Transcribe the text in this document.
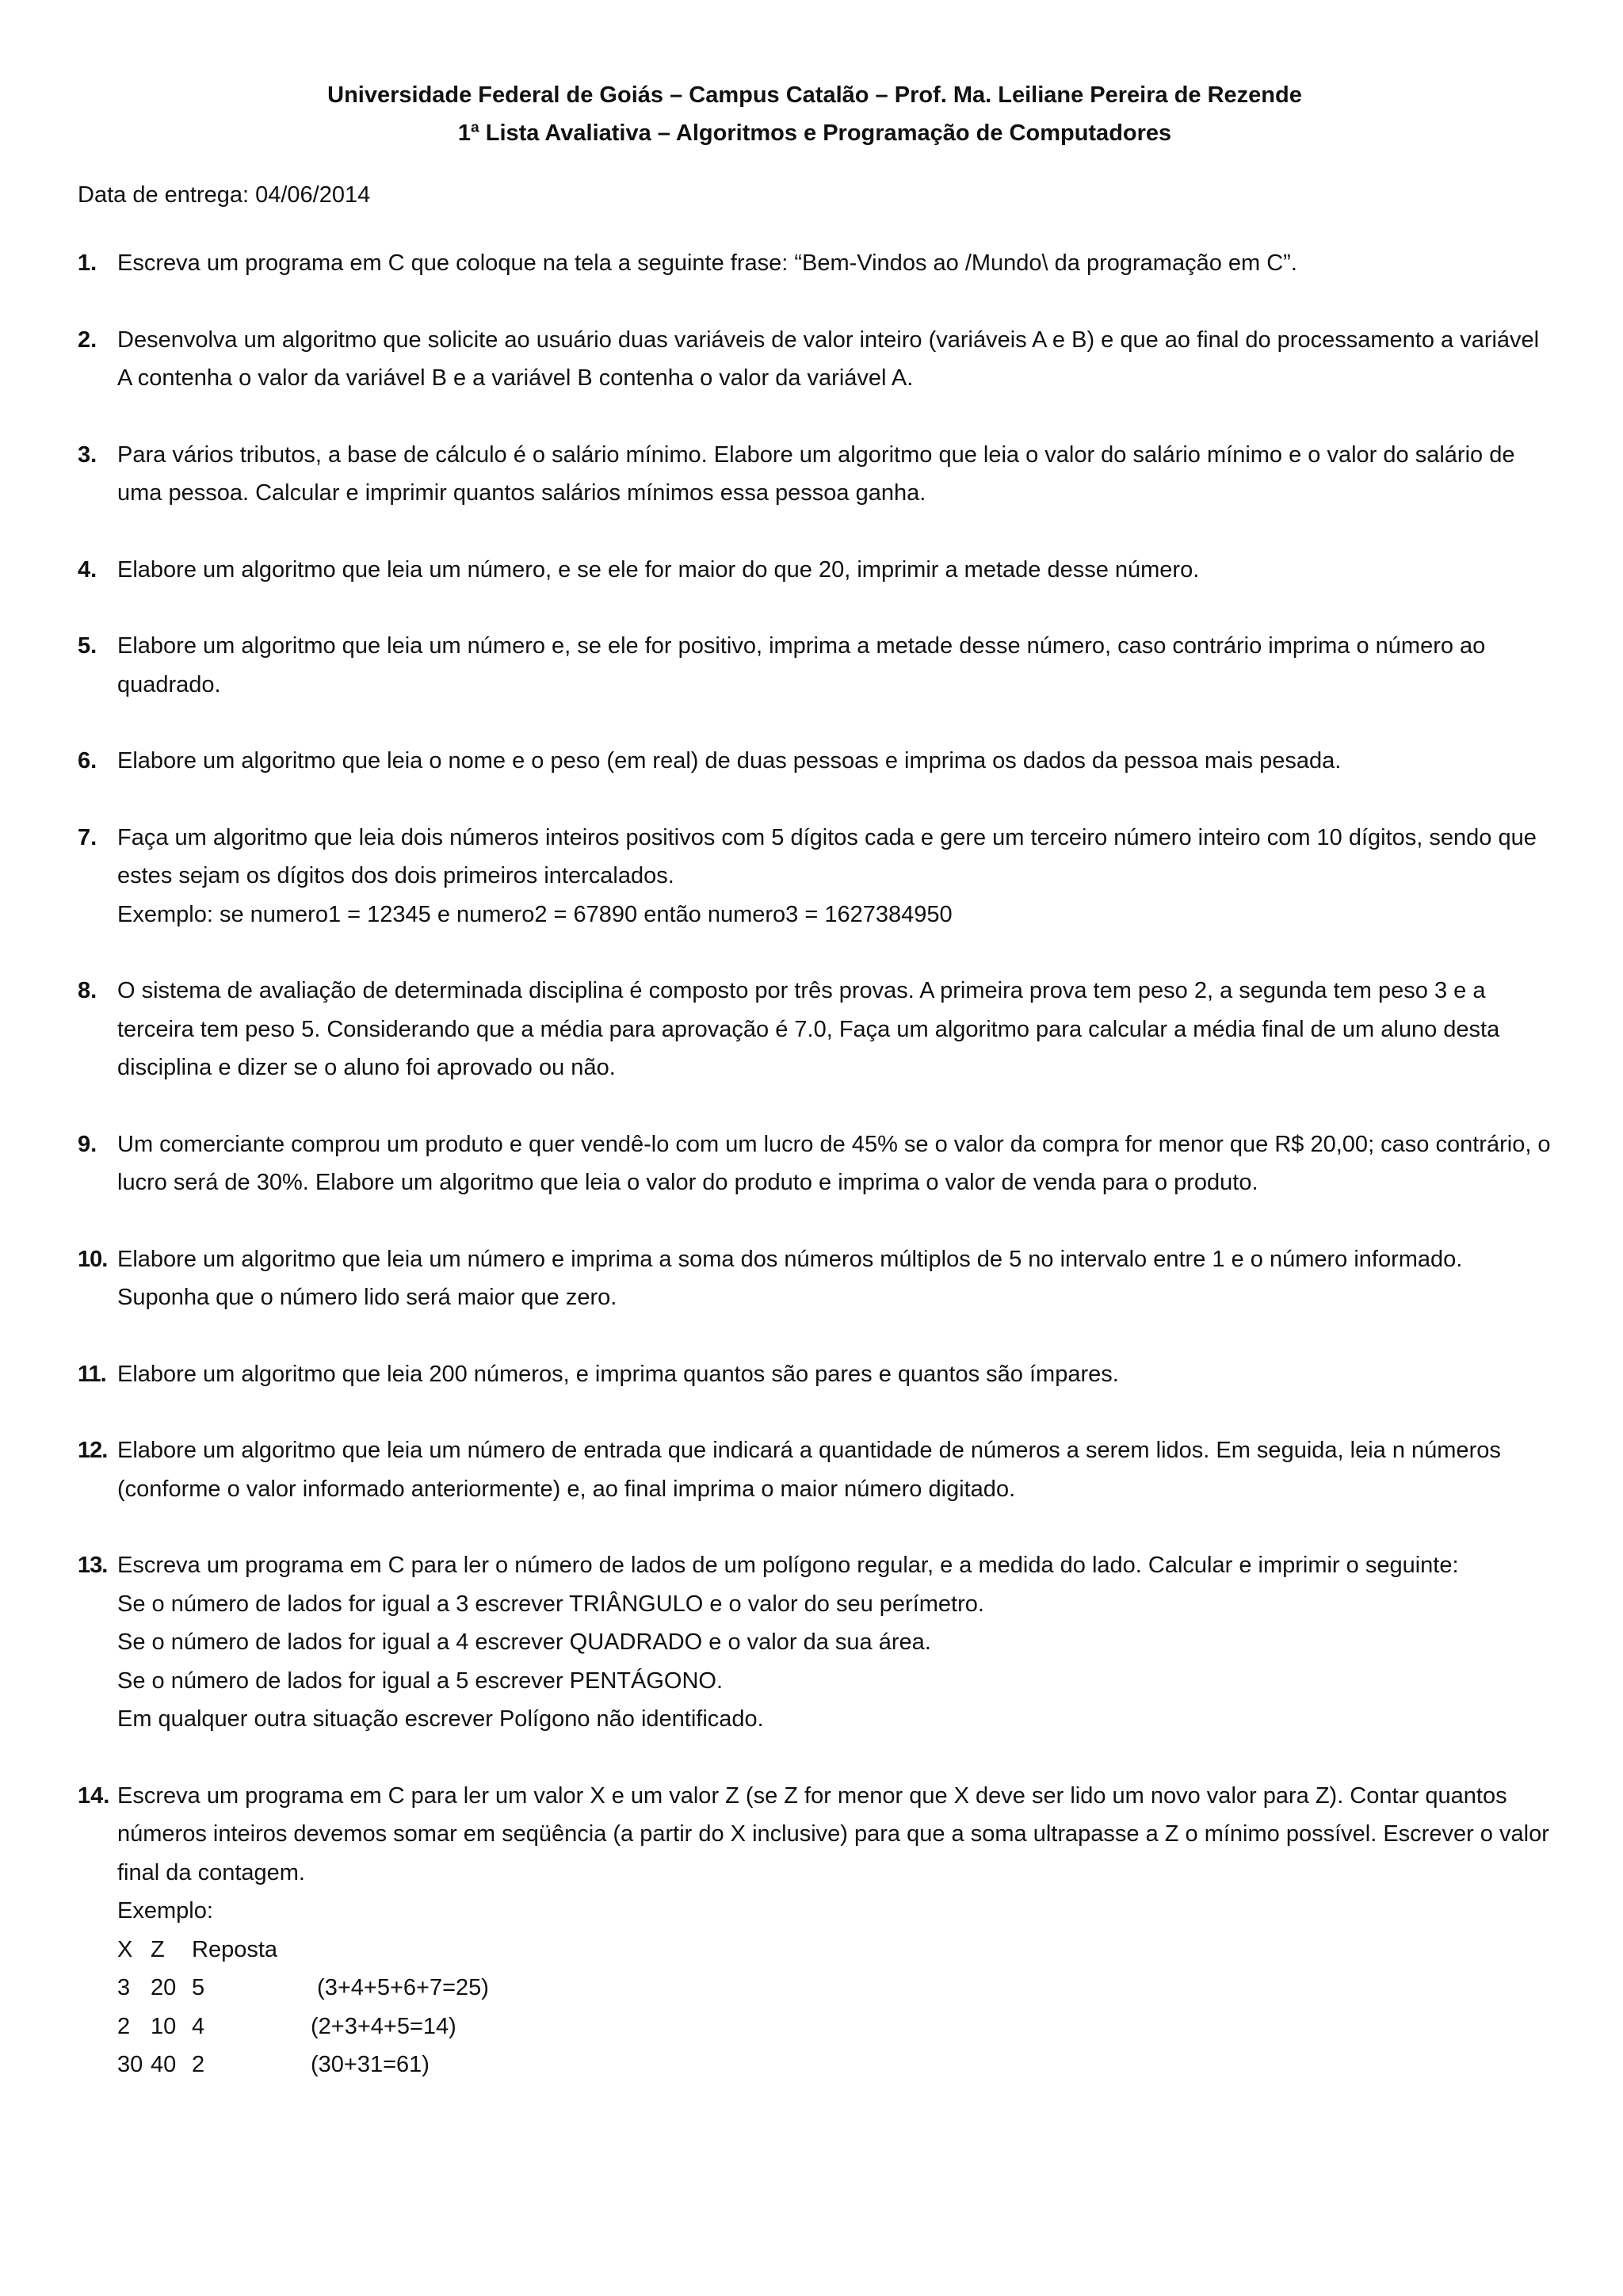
Universidade Federal de Goiás – Campus Catalão – Prof. Ma. Leiliane Pereira de Rezende
1ª Lista Avaliativa – Algoritmos e Programação de Computadores
Data de entrega: 04/06/2014
1. Escreva um programa em C que coloque na tela a seguinte frase: “Bem-Vindos ao /Mundo\ da programação em C”.
2. Desenvolva um algoritmo que solicite ao usuário duas variáveis de valor inteiro (variáveis A e B) e que ao final do processamento a variável A contenha o valor da variável B e a variável B contenha o valor da variável A.
3. Para vários tributos, a base de cálculo é o salário mínimo. Elabore um algoritmo que leia o valor do salário mínimo e o valor do salário de uma pessoa. Calcular e imprimir quantos salários mínimos essa pessoa ganha.
4. Elabore um algoritmo que leia um número, e se ele for maior do que 20, imprimir a metade desse número.
5. Elabore um algoritmo que leia um número e, se ele for positivo, imprima a metade desse número, caso contrário imprima o número ao quadrado.
6. Elabore um algoritmo que leia o nome e o peso (em real) de duas pessoas e imprima os dados da pessoa mais pesada.
7. Faça um algoritmo que leia dois números inteiros positivos com 5 dígitos cada e gere um terceiro número inteiro com 10 dígitos, sendo que estes sejam os dígitos dos dois primeiros intercalados.
Exemplo: se numero1 = 12345 e numero2 = 67890 então numero3 = 1627384950
8. O sistema de avaliação de determinada disciplina é composto por três provas. A primeira prova tem peso 2, a segunda tem peso 3 e a terceira tem peso 5. Considerando que a média para aprovação é 7.0, Faça um algoritmo para calcular a média final de um aluno desta disciplina e dizer se o aluno foi aprovado ou não.
9. Um comerciante comprou um produto e quer vendê-lo com um lucro de 45% se o valor da compra for menor que R$ 20,00; caso contrário, o lucro será de 30%. Elabore um algoritmo que leia o valor do produto e imprima o valor de venda para o produto.
10. Elabore um algoritmo que leia um número e imprima a soma dos números múltiplos de 5 no intervalo entre 1 e o número informado. Suponha que o número lido será maior que zero.
11. Elabore um algoritmo que leia 200 números, e imprima quantos são pares e quantos são ímpares.
12. Elabore um algoritmo que leia um número de entrada que indicará a quantidade de números a serem lidos. Em seguida, leia n números (conforme o valor informado anteriormente) e, ao final imprima o maior número digitado.
13. Escreva um programa em C para ler o número de lados de um polígono regular, e a medida do lado. Calcular e imprimir o seguinte:
Se o número de lados for igual a 3 escrever TRIÂNGULO e o valor do seu perímetro.
Se o número de lados for igual a 4 escrever QUADRADO e o valor da sua área.
Se o número de lados for igual a 5 escrever PENTÁGONO.
Em qualquer outra situação escrever Polígono não identificado.
14. Escreva um programa em C para ler um valor X e um valor Z (se Z for menor que X deve ser lido um novo valor para Z). Contar quantos números inteiros devemos somar em seqüência (a partir do X inclusive) para que a soma ultrapasse a Z o mínimo possível. Escrever o valor final da contagem.
Exemplo:
X Z	Reposta
3 20 5	(3+4+5+6+7=25)
2 10 4	(2+3+4+5=14)
30 40 2	(30+31=61)
